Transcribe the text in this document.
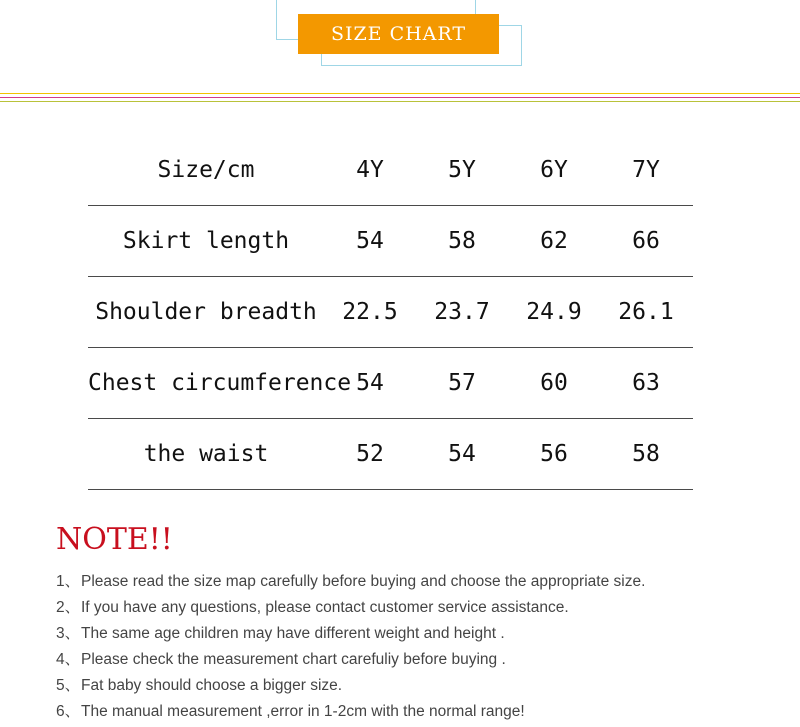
SIZE CHART
Size/cm	4Y	5Y	6Y	7Y
Skirt length	54	58	62	66
Shoulder breadth	22.5	23.7	24.9	26.1
Chest circumference 54	57	60	63
the waist	52	54	56	58
NOTE!!
1、Please read the size map carefully before buying and choose the appropriate size.
2、If you have any questions, please contact customer service assistance.
3、The same age children may have different weight and height .
4、Please check the measurement chart carefuliy before buying .
5、Fat baby should choose a bigger size.
6、The manual measurement ,error in 1-2cm with the normal range!
